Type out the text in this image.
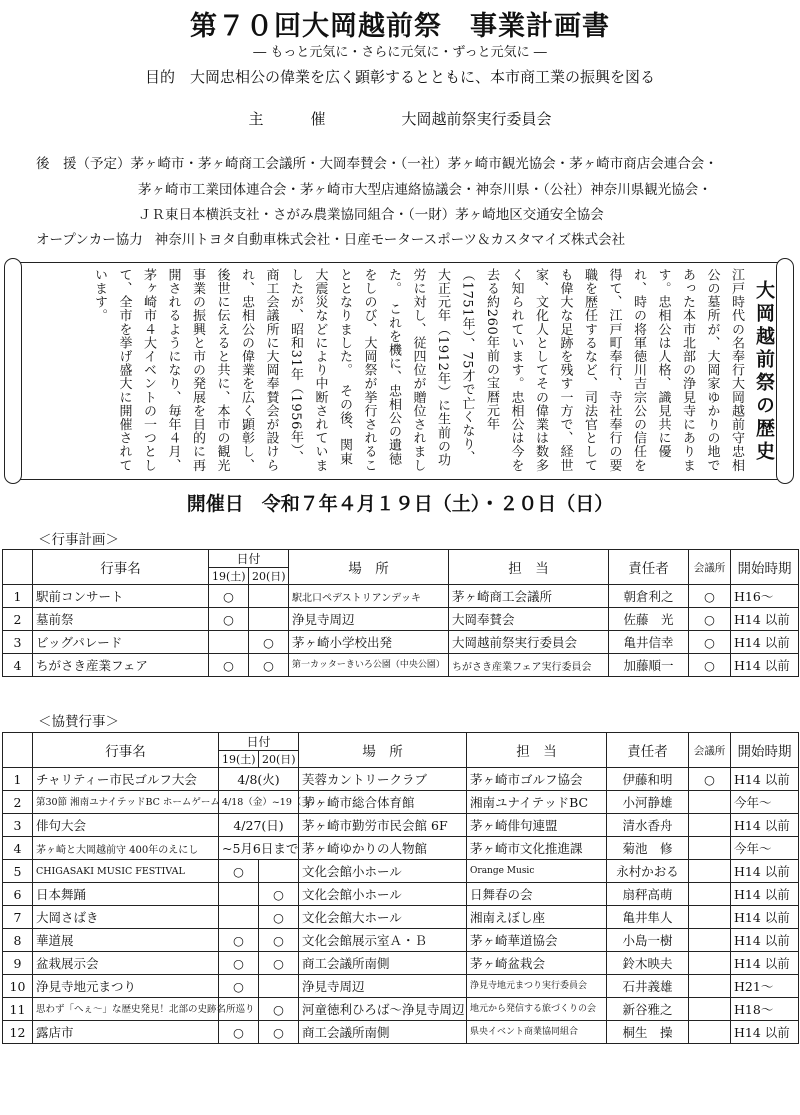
第７０回大岡越前祭　事業計画書
― もっと元気に・さらに元気に・ずっと元気に ―
目的　 大岡忠相公の偉業を広く顕彰するとともに、本市商工業の振興を図る
主　催	大岡越前祭実行委員会
後　援（予定）茅ヶ崎市・茅ヶ崎商工会議所・大岡奉賛会・（一社）茅ヶ崎市観光協会・茅ヶ崎市商店会連合会・
茅ヶ崎市工業団体連合会・茅ヶ崎市大型店連絡協議会・神奈川県・（公社）神奈川県観光協会・
ＪＲ東日本横浜支社・さがみ農業協同組合・（一財）茅ヶ崎地区交通安全協会
オープンカー協力 神奈川トヨタ自動車株式会社・日産モータースポーツ＆カスタマイズ株式会社
大岡越前祭の歴史
江戸時代の名奉行大岡越前守忠相公の墓所が、大岡家ゆかりの地であった本市北部の浄見寺にあります。忠相公は人格、識見共に優れ、時の将軍徳川吉宗公の信任を得て、江戸町奉行、寺社奉行の要職を歴任するなど、司法官としても偉大な足跡を残す一方で、経世家、文化人としてその偉業は数多く知られています。忠相公は今を去る約260年前の宝暦元年（1751年）、75才で亡くなり、大正元年（1912年）に生前の功労に対し、従四位が贈位されました。　これを機に、忠相公の遺徳をしのび、大岡祭が挙行されることとなりました。　その後、関東大震災などにより中断されていましたが、昭和31年（1956年）、商工会議所に大岡奉賛会が設けられ、忠相公の偉業を広く顕彰し、後世に伝えると共に、本市の観光事業の振興と市の発展を目的に再開されるようになり、毎年４月、茅ヶ崎市４大イベントの一つとして、全市を挙げ盛大に開催されています。
開催日 令和７年４月１９日（土）・２０日（日）
＜行事計画＞
	行事名	日付		場　所	担　当	責任者	会議所	開始時期
		19(土)	20(日)					
1	駅前コンサート	○		駅北口ペデストリアンデッキ	茅ヶ崎商工会議所	朝倉利之	○	H16～
2	墓前祭	○		浄見寺周辺	大岡奉賛会	佐藤　光	○	H14 以前
3	ビッグパレード		○	茅ヶ崎小学校出発	大岡越前祭実行委員会	亀井信幸	○	H14 以前
4	ちがさき産業フェア	○	○	第一カッターきいろ公園（中央公園）	ちがさき産業フェア実行委員会	加藤順一	○	H14 以前
＜協賛行事＞
	行事名	日付		場　所	担　当	責任者	会議所	開始時期
		19(土)	20(日)					
1	チャリティー市民ゴルフ大会	4/8(火)		芙蓉カントリークラブ	茅ヶ崎市ゴルフ協会	伊藤和明	○	H14 以前
2	第30節 湘南ユナイテッドBC ホームゲーム	4/18（金）~19（土）		茅ヶ崎市総合体育館	湘南ユナイテッドBC	小河静雄		今年～
3	俳句大会	4/27(日)		茅ヶ崎市勤労市民会館 6F	茅ヶ崎俳句連盟	清水香舟		H14 以前
4	茅ヶ崎と大岡越前守 400年のえにし	~5月6日まで		茅ヶ崎ゆかりの人物館	茅ヶ崎市文化推進課	菊池　修		今年～
5	CHIGASAKI MUSIC FESTIVAL	○		文化会館小ホール	Orange Music	永村かおる		H14 以前
6	日本舞踊		○	文化会館小ホール	日舞春の会	扇秤高萌		H14 以前
7	大岡さばき		○	文化会館大ホール	湘南えぼし座	亀井隼人		H14 以前
8	華道展	○	○	文化会館展示室Ａ・Ｂ	茅ヶ崎華道協会	小島一樹		H14 以前
9	盆栽展示会	○	○	商工会議所南側	茅ヶ崎盆栽会	鈴木映夫		H14 以前
10	浄見寺地元まつり	○		浄見寺周辺	浄見寺地元まつり実行委員会	石井義雄		H21～
11	思わず「へぇ～」な歴史発見！北部の史跡名所巡り		○	河童徳利ひろば～浄見寺周辺	地元から発信する旅づくりの会	新谷雅之		H18～
12	露店市	○	○	商工会議所南側	県央イベント商業協同組合	桐生　操		H14 以前
